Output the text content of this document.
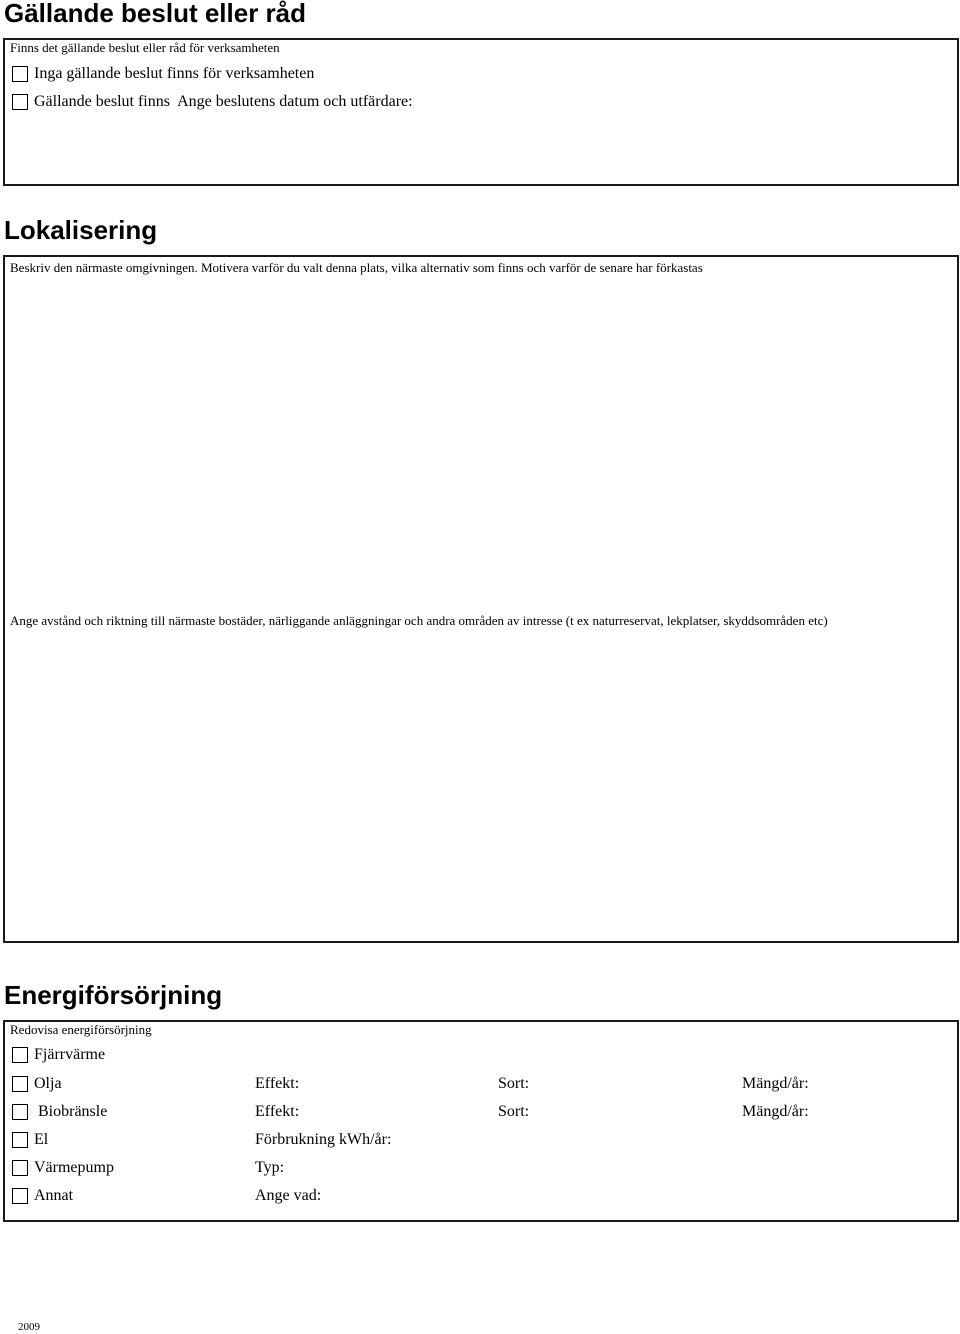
Gällande beslut eller råd
Finns det gällande beslut eller råd för verksamheten
Inga gällande beslut finns för verksamheten
Gällande beslut finns  Ange beslutens datum och utfärdare:
Lokalisering
Beskriv den närmaste omgivningen. Motivera varför du valt denna plats, vilka alternativ som finns och varför de senare har förkastas
Ange avstånd och riktning till närmaste bostäder, närliggande anläggningar och andra områden av intresse (t ex naturreservat, lekplatser, skyddsområden etc)
Energiförsörjning
Redovisa energiförsörjning
Fjärrvärme
Olja	Effekt:	Sort:	Mängd/år:
Biobränsle	Effekt:	Sort:	Mängd/år:
El	Förbrukning kWh/år:
Värmepump	Typ:
Annat	Ange vad:
2009
